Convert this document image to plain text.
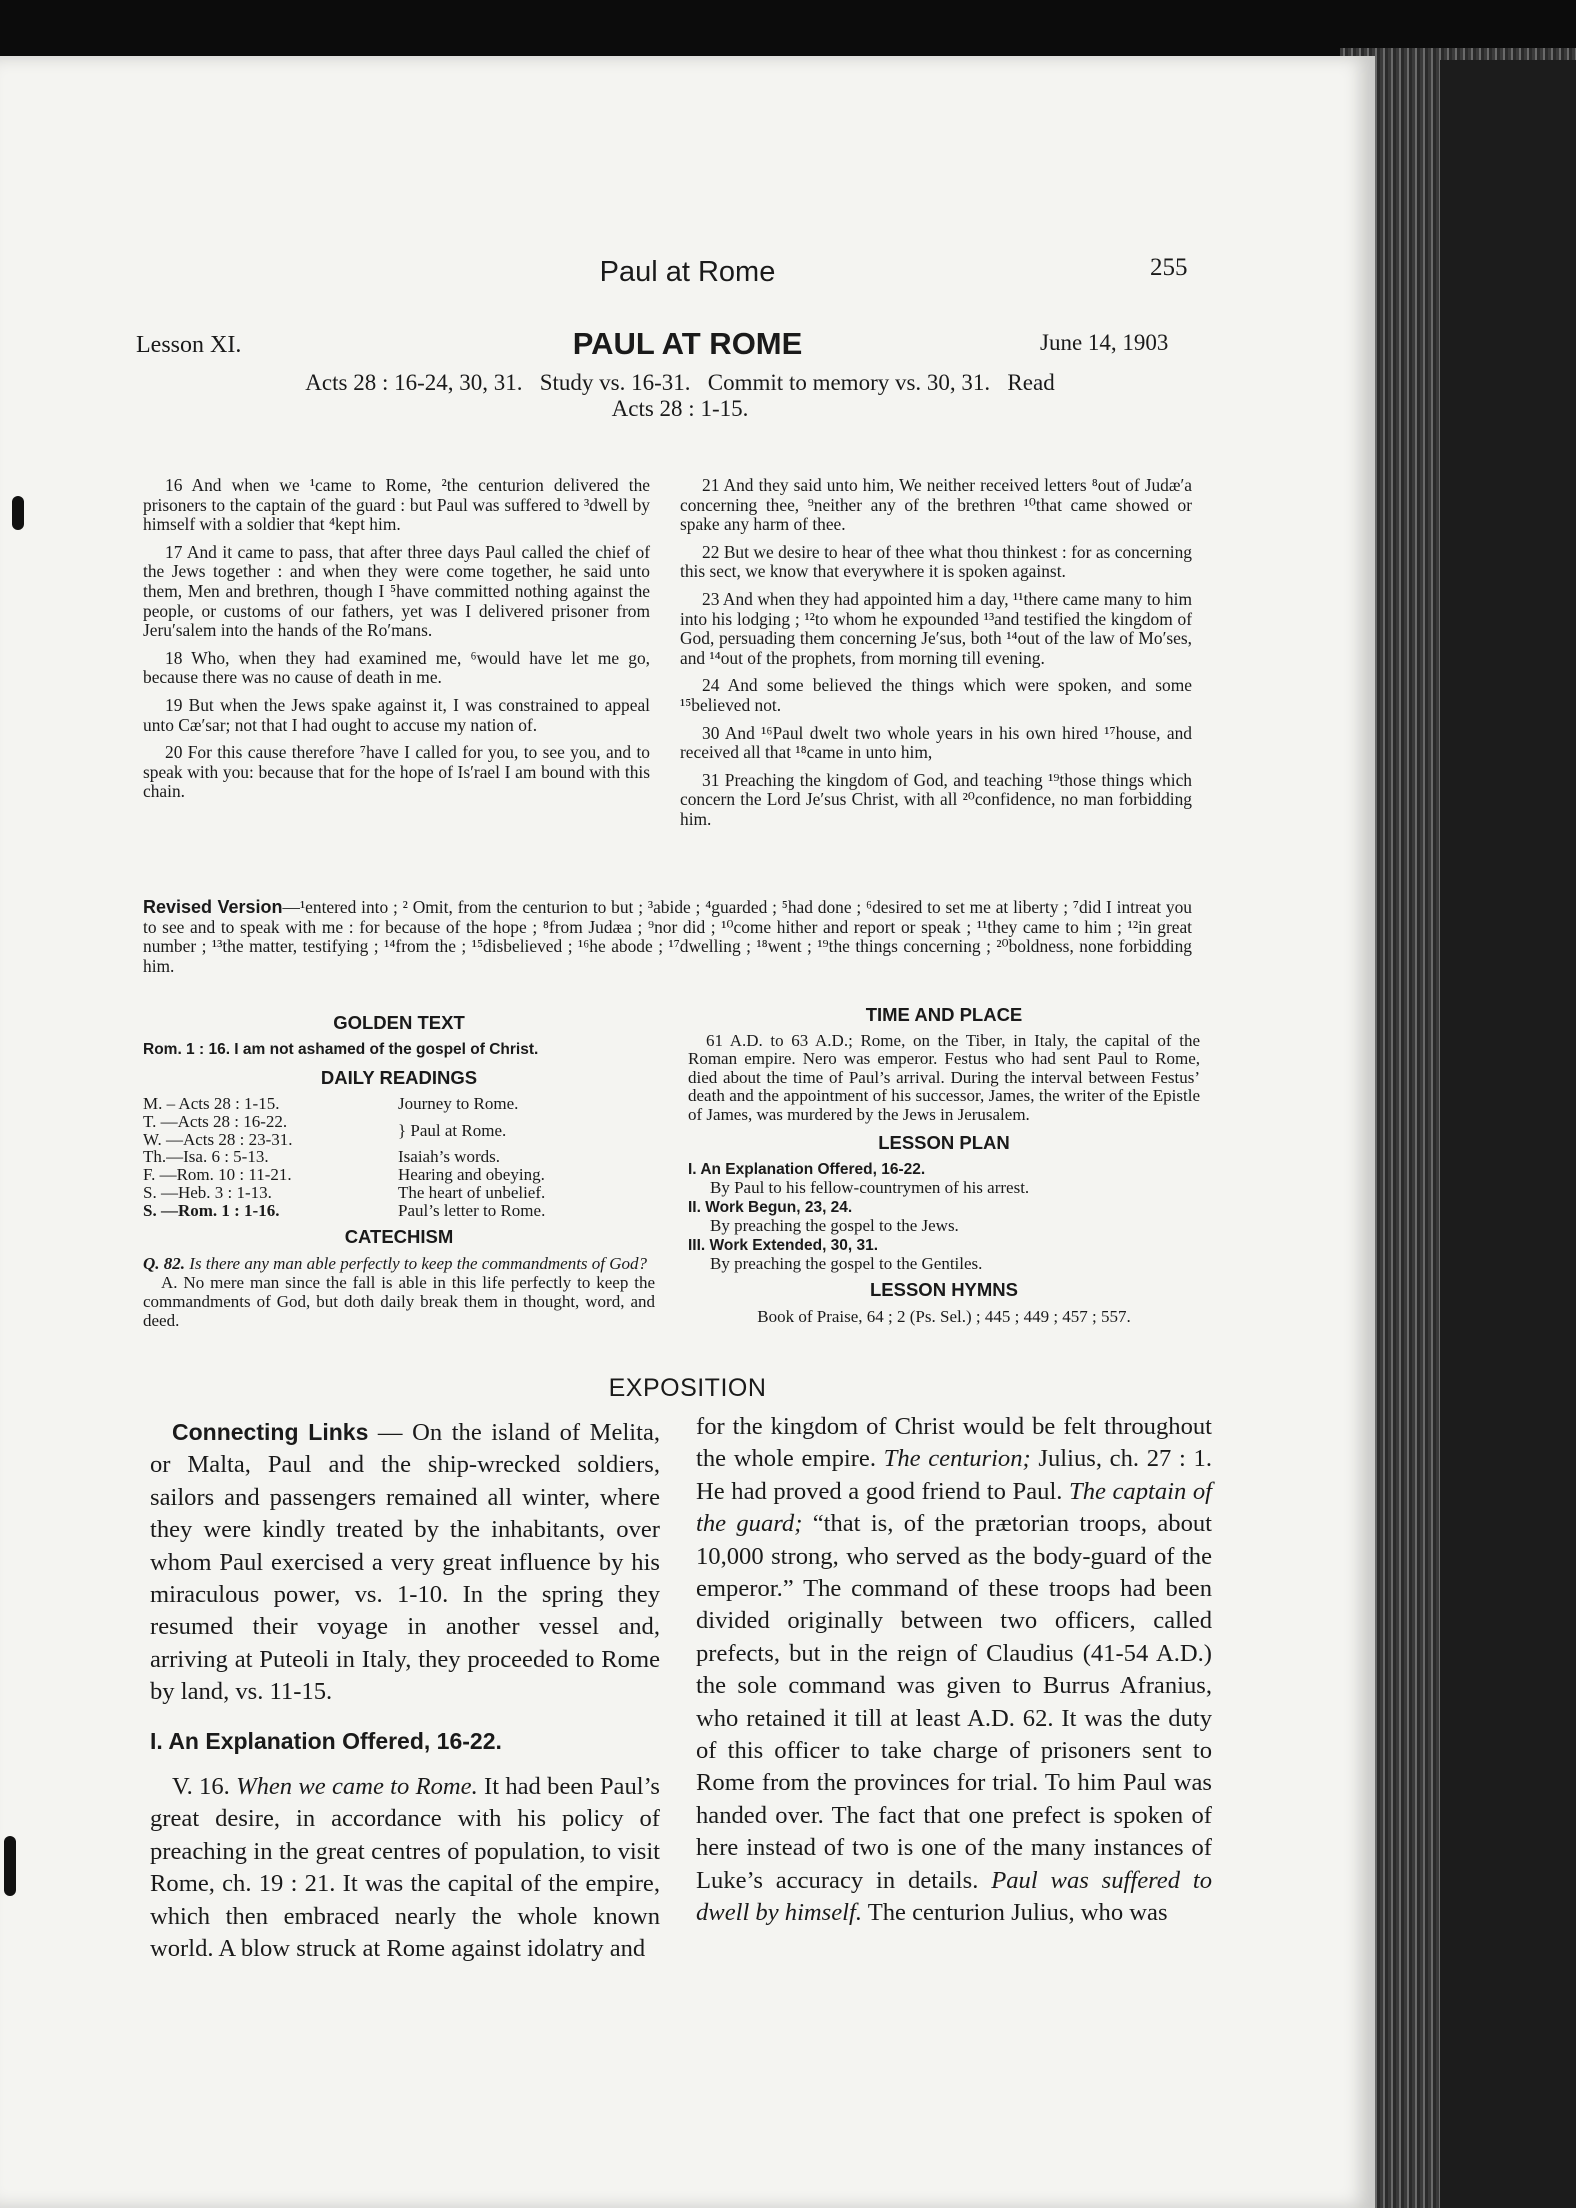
Paul at Rome	255
Lesson XI.	PAUL AT ROME	June 14, 1903
Acts 28 : 16-24, 30, 31.   Study vs. 16-31.   Commit to memory vs. 30, 31.   Read
Acts 28 : 1-15.

16 And when we ¹came to Rome, ²the centurion delivered the prisoners to the captain of the guard : but Paul was suffered to ³dwell by himself with a soldier that ⁴kept him.

17 And it came to pass, that after three days Paul called the chief of the Jews together : and when they were come together, he said unto them, Men and brethren, though I ⁵have committed nothing against the people, or customs of our fathers, yet was I delivered prisoner from Jeru′salem into the hands of the Ro′mans.

18 Who, when they had examined me, ⁶would have let me go, because there was no cause of death in me.

19 But when the Jews spake against it, I was constrained to appeal unto Cæ′sar; not that I had ought to accuse my nation of.

20 For this cause therefore ⁷have I called for you, to see you, and to speak with you: because that for the hope of Is′rael I am bound with this chain.

21 And they said unto him, We neither received letters ⁸out of Judæ′a concerning thee, ⁹neither any of the brethren ¹⁰that came showed or spake any harm of thee.

22 But we desire to hear of thee what thou thinkest : for as concerning this sect, we know that everywhere it is spoken against.

23 And when they had appointed him a day, ¹¹there came many to him into his lodging ; ¹²to whom he expounded ¹³and testified the kingdom of God, persuading them concerning Je′sus, both ¹⁴out of the law of Mo′ses, and ¹⁴out of the prophets, from morning till evening.

24 And some believed the things which were spoken, and some ¹⁵believed not.

30 And ¹⁶Paul dwelt two whole years in his own hired ¹⁷house, and received all that ¹⁸came in unto him,

31 Preaching the kingdom of God, and teaching ¹⁹those things which concern the Lord Je′sus Christ, with all ²⁰confidence, no man forbidding him.

Revised Version—¹entered into ; ² Omit, from the centurion to but ; ³abide ; ⁴guarded ; ⁵had done ; ⁶desired to set me at liberty ; ⁷did I intreat you to see and to speak with me : for because of the hope ; ⁸from Judæa ; ⁹nor did ; ¹⁰come hither and report or speak ; ¹¹they came to him ; ¹²in great number ; ¹³the matter, testifying ; ¹⁴from the ; ¹⁵disbelieved ; ¹⁶he abode ; ¹⁷dwelling ; ¹⁸went ; ¹⁹the things concerning ; ²⁰boldness, none forbidding him.
GOLDEN TEXT
Rom. 1 : 16. I am not ashamed of the gospel of Christ.
DAILY READINGS
M. – Acts 28 : 1-15.	Journey to Rome.
T. —Acts 28 : 16-22.	} Paul at Rome.
W. —Acts 28 : 23-31.
Th.—Isa. 6 : 5-13.	Isaiah’s words.
F. —Rom. 10 : 11-21.	Hearing and obeying.
S. —Heb. 3 : 1-13.	The heart of unbelief.
S. —Rom. 1 : 1-16.	Paul’s letter to Rome.
CATECHISM
Q. 82. Is there any man able perfectly to keep the commandments of God?
A. No mere man since the fall is able in this life perfectly to keep the commandments of God, but doth daily break them in thought, word, and deed.
TIME AND PLACE
61 A.D. to 63 A.D.; Rome, on the Tiber, in Italy, the capital of the Roman empire. Nero was emperor. Festus who had sent Paul to Rome, died about the time of Paul’s arrival. During the interval between Festus’ death and the appointment of his successor, James, the writer of the Epistle of James, was murdered by the Jews in Jerusalem.
LESSON PLAN
I. An Explanation Offered, 16-22.
By Paul to his fellow-countrymen of his arrest.
II. Work Begun, 23, 24.
By preaching the gospel to the Jews.
III. Work Extended, 30, 31.
By preaching the gospel to the Gentiles.
LESSON HYMNS
Book of Praise, 64 ; 2 (Ps. Sel.) ; 445 ; 449 ; 457 ; 557.
EXPOSITION

Connecting Links — On the island of Melita, or Malta, Paul and the ship-wrecked soldiers, sailors and passengers remained all winter, where they were kindly treated by the inhabitants, over whom Paul exercised a very great influence by his miraculous power, vs. 1-10. In the spring they resumed their voyage in another vessel and, arriving at Puteoli in Italy, they proceeded to Rome by land, vs. 11-15.

I. An Explanation Offered, 16-22.

V. 16. When we came to Rome. It had been Paul’s great desire, in accordance with his policy of preaching in the great centres of population, to visit Rome, ch. 19 : 21. It was the capital of the empire, which then embraced nearly the whole known world. A blow struck at Rome against idolatry and

for the kingdom of Christ would be felt throughout the whole empire. The centurion; Julius, ch. 27 : 1. He had proved a good friend to Paul. The captain of the guard; “that is, of the prætorian troops, about 10,000 strong, who served as the body-guard of the emperor.” The command of these troops had been divided originally between two officers, called prefects, but in the reign of Claudius (41-54 A.D.) the sole command was given to Burrus Afranius, who retained it till at least A.D. 62. It was the duty of this officer to take charge of prisoners sent to Rome from the provinces for trial. To him Paul was handed over. The fact that one prefect is spoken of here instead of two is one of the many instances of Luke’s accuracy in details. Paul was suffered to dwell by himself. The centurion Julius, who was
